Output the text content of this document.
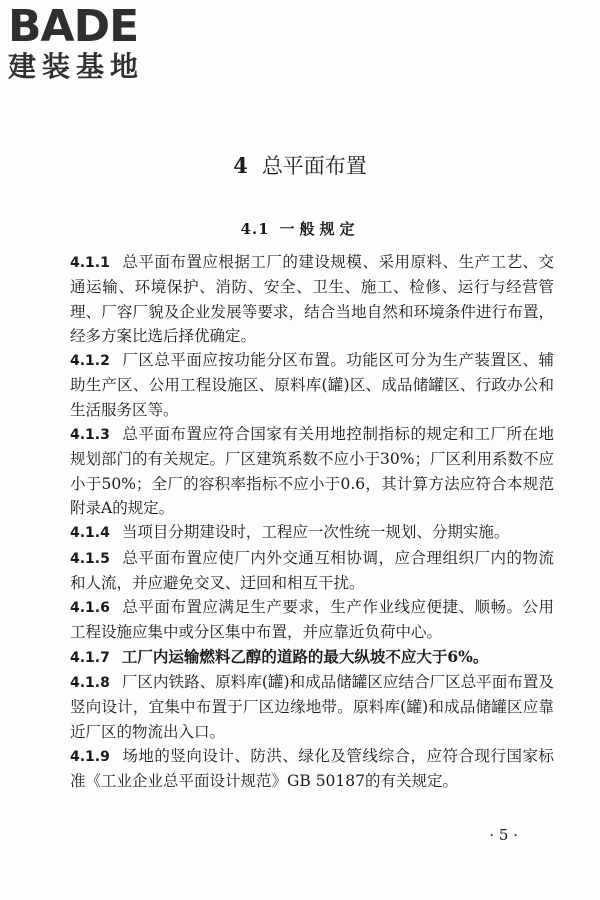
BADE
建装基地
4 总平面布置
4.1 一般规定

4.1.1 总平面布置应根据工厂的建设规模、采用原料、生产工艺、交通运输、环境保护、消防、安全、卫生、施工、检修、运行与经营管理、厂容厂貌及企业发展等要求，结合当地自然和环境条件进行布置，经多方案比选后择优确定。

4.1.2 厂区总平面应按功能分区布置。功能区可分为生产装置区、辅助生产区、公用工程设施区、原料库(罐)区、成品储罐区、行政办公和生活服务区等。

4.1.3 总平面布置应符合国家有关用地控制指标的规定和工厂所在地规划部门的有关规定。厂区建筑系数不应小于30%；厂区利用系数不应小于50%；全厂的容积率指标不应小于0.6，其计算方法应符合本规范附录A的规定。

4.1.4 当项目分期建设时，工程应一次性统一规划、分期实施。

4.1.5 总平面布置应使厂内外交通互相协调，应合理组织厂内的物流和人流，并应避免交叉、迂回和相互干扰。

4.1.6 总平面布置应满足生产要求，生产作业线应便捷、顺畅。公用工程设施应集中或分区集中布置，并应靠近负荷中心。

4.1.7 工厂内运输燃料乙醇的道路的最大纵坡不应大于6%。

4.1.8 厂区内铁路、原料库(罐)和成品储罐区应结合厂区总平面布置及竖向设计，宜集中布置于厂区边缘地带。原料库(罐)和成品储罐区应靠近厂区的物流出入口。

4.1.9 场地的竖向设计、防洪、绿化及管线综合，应符合现行国家标准《工业企业总平面设计规范》GB 50187的有关规定。

· 5 ·
